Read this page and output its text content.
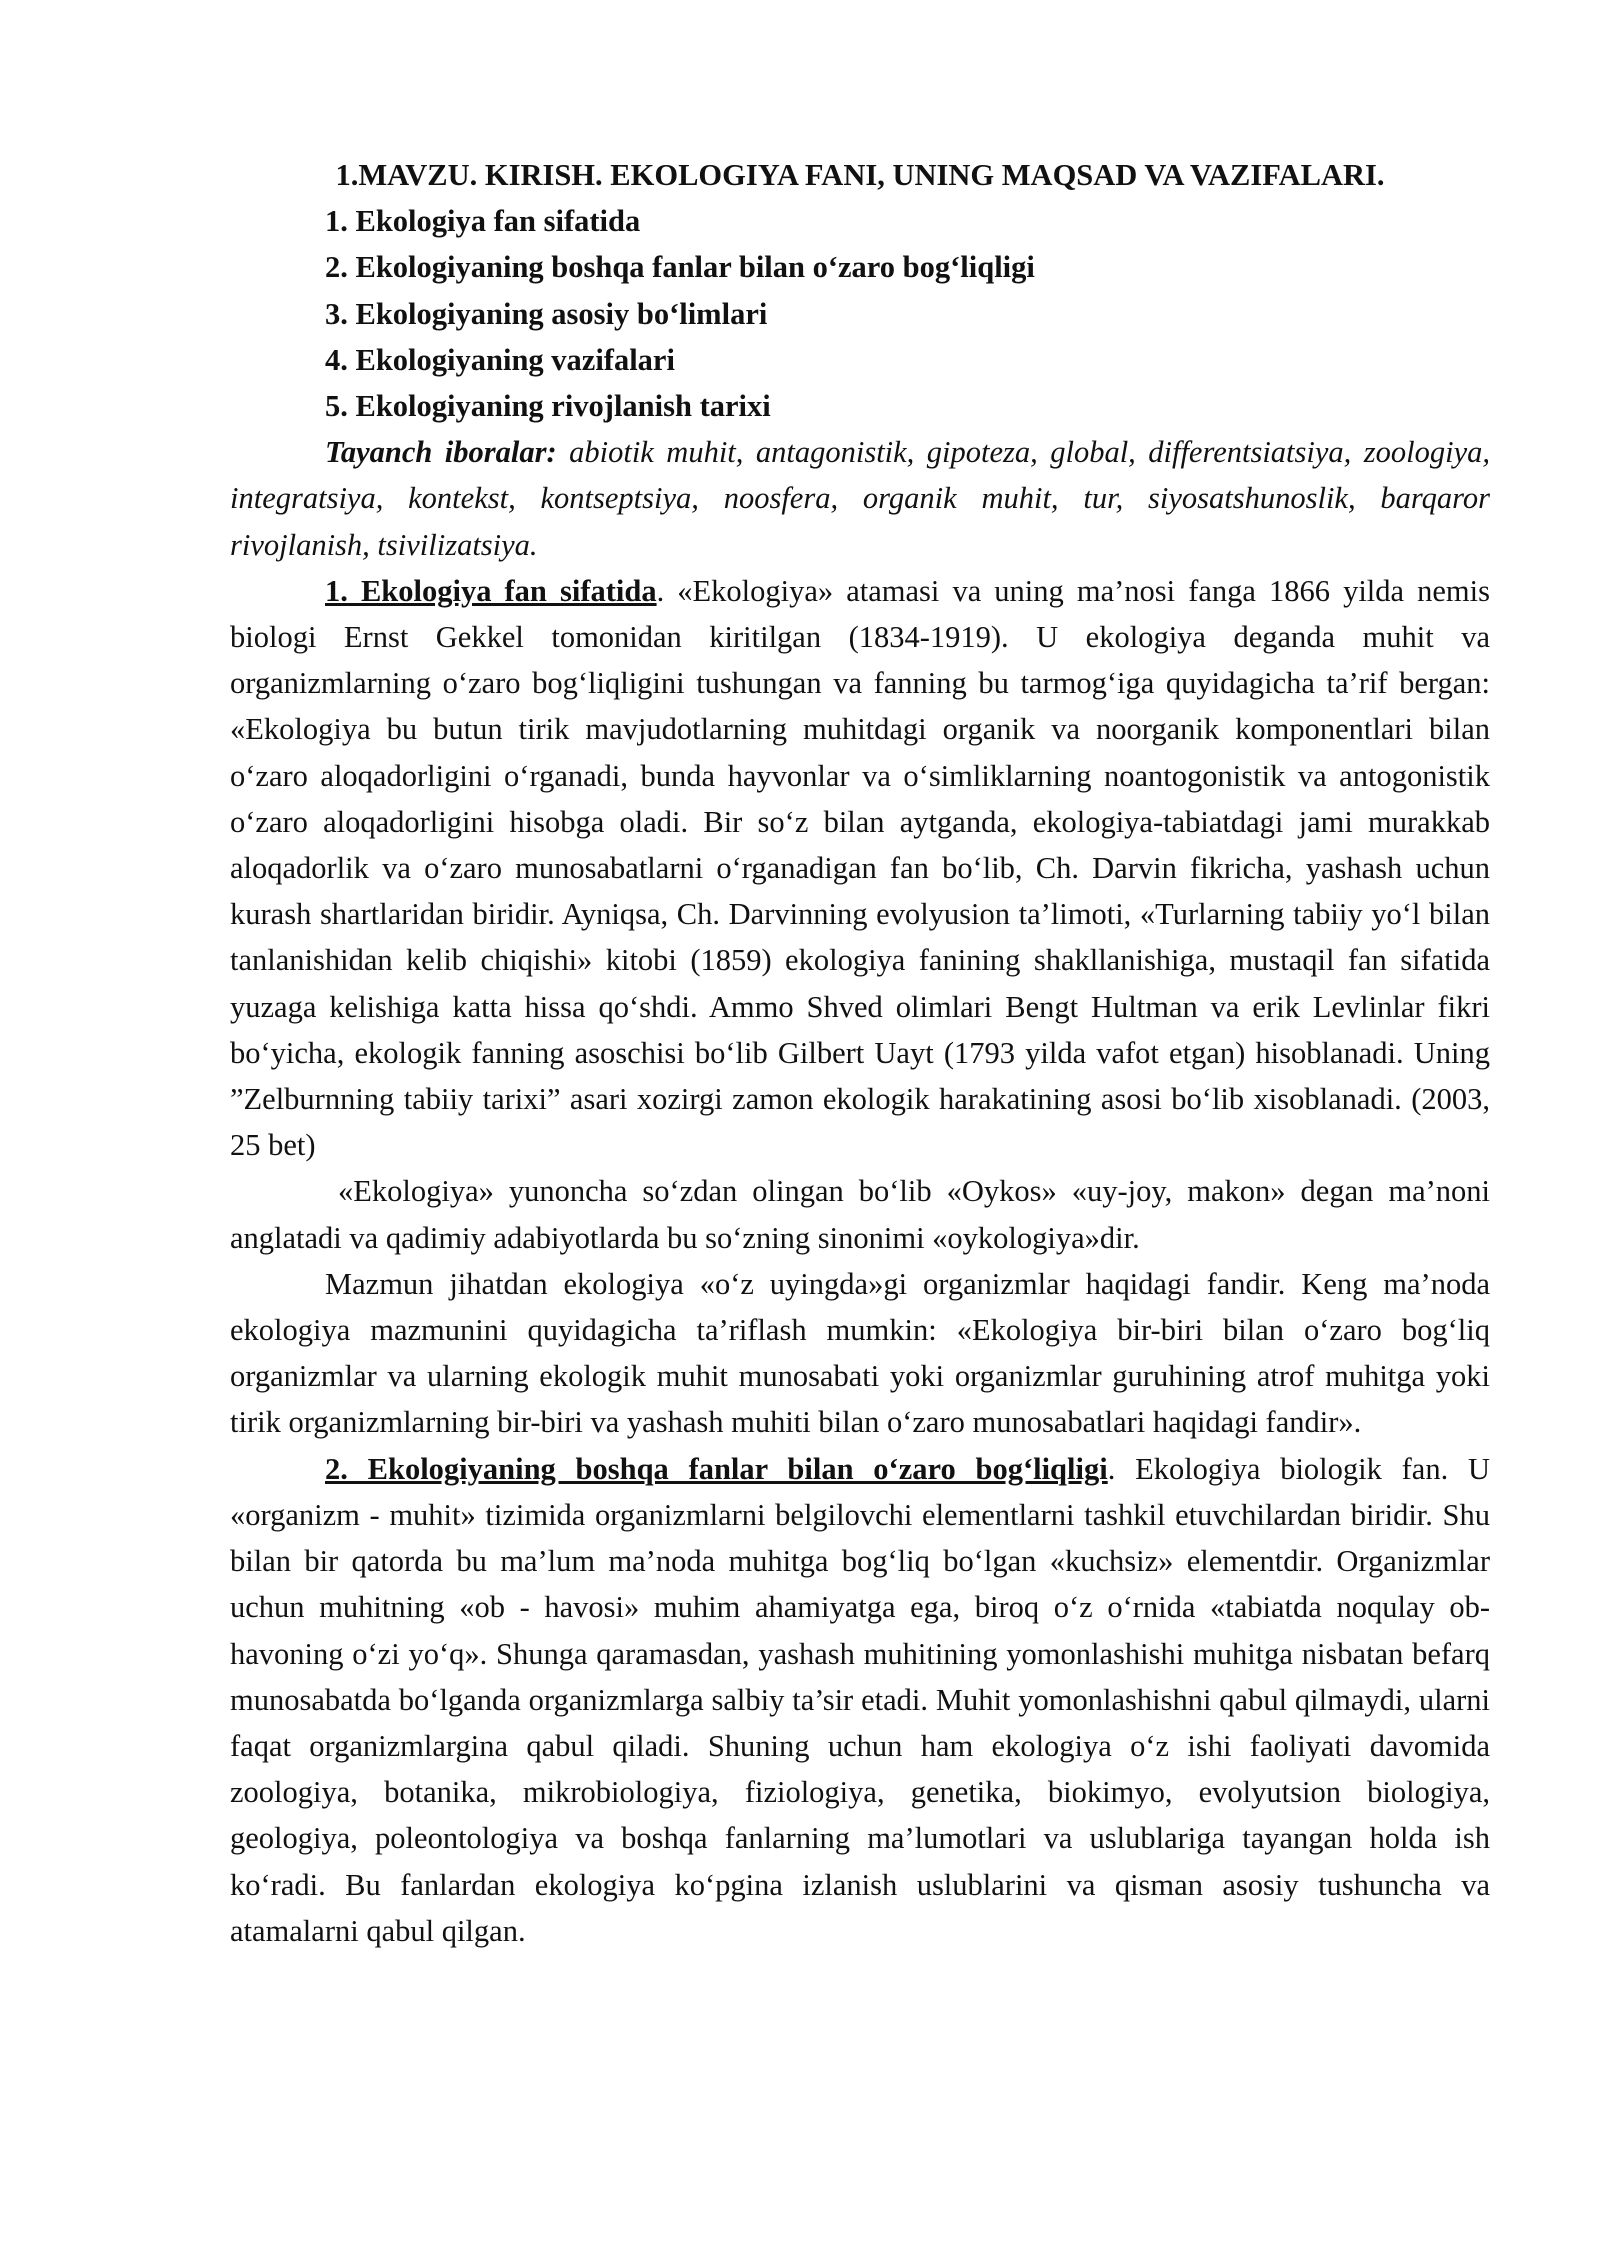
1.MAVZU. KIRISH. EKOLOGIYA FANI, UNING MAQSAD VA VAZIFALARI.
1. Ekologiya fan sifatida
2. Ekologiyaning boshqa fanlar bilan o‘zaro bog‘liqligi
3. Ekologiyaning asosiy bo‘limlari
4. Ekologiyaning vazifalari
5. Ekologiyaning rivojlanish tarixi

Tayanch iboralar: abiotik muhit, antagonistik, gipoteza, global, differentsiatsiya, zoologiya, integratsiya, kontekst, kontseptsiya, noosfera, organik muhit, tur, siyosatshunoslik, barqaror rivojlanish, tsivilizatsiya.

1. Ekologiya fan sifatida. «Ekologiya» atamasi va uning ma’nosi fanga 1866 yilda nemis biologi Ernst Gekkel tomonidan kiritilgan (1834-1919). U ekologiya deganda muhit va organizmlarning o‘zaro bog‘liqligini tushungan va fanning bu tarmog‘iga quyidagicha ta’rif bergan: «Ekologiya bu butun tirik mavjudotlarning muhitdagi organik va noorganik komponentlari bilan o‘zaro aloqadorligini o‘rganadi, bunda hayvonlar va o‘simliklarning noantogonistik va antogonistik o‘zaro aloqadorligini hisobga oladi. Bir so‘z bilan aytganda, ekologiya-tabiatdagi jami murakkab aloqadorlik va o‘zaro munosabatlarni o‘rganadigan fan bo‘lib, Ch. Darvin fikricha, yashash uchun kurash shartlaridan biridir. Ayniqsa, Ch. Darvinning evolyusion ta’limoti, «Turlarning tabiiy yo‘l bilan tanlanishidan kelib chiqishi» kitobi (1859) ekologiya fanining shakllanishiga, mustaqil fan sifatida yuzaga kelishiga katta hissa qo‘shdi. Ammo Shved olimlari Bengt Hultman va erik Levlinlar fikri bo‘yicha, ekologik fanning asoschisi bo‘lib Gilbert Uayt (1793 yilda vafot etgan) hisoblanadi. Uning ”Zelburnning tabiiy tarixi” asari xozirgi zamon ekologik harakatining asosi bo‘lib xisoblanadi. (2003, 25 bet)

«Ekologiya» yunoncha so‘zdan olingan bo‘lib «Oykos» «uy-joy, makon» degan ma’noni anglatadi va qadimiy adabiyotlarda bu so‘zning sinonimi «oykologiya»dir.

Mazmun jihatdan ekologiya «o‘z uyingda»gi organizmlar haqidagi fandir. Keng ma’noda ekologiya mazmunini quyidagicha ta’riflash mumkin: «Ekologiya bir-biri bilan o‘zaro bog‘liq organizmlar va ularning ekologik muhit munosabati yoki organizmlar guruhining atrof muhitga yoki tirik organizmlarning bir-biri va yashash muhiti bilan o‘zaro munosabatlari haqidagi fandir».

2. Ekologiyaning boshqa fanlar bilan o‘zaro bog‘liqligi. Ekologiya biologik fan. U «organizm - muhit» tizimida organizmlarni belgilovchi elementlarni tashkil etuvchilardan biridir. Shu bilan bir qatorda bu ma’lum ma’noda muhitga bog‘liq bo‘lgan «kuchsiz» elementdir. Organizmlar uchun muhitning «ob - havosi» muhim ahamiyatga ega, biroq o‘z o‘rnida «tabiatda noqulay ob-havoning o‘zi yo‘q». Shunga qaramasdan, yashash muhitining yomonlashishi muhitga nisbatan befarq munosabatda bo‘lganda organizmlarga salbiy ta’sir etadi. Muhit yomonlashishni qabul qilmaydi, ularni faqat organizmlargina qabul qiladi. Shuning uchun ham ekologiya o‘z ishi faoliyati davomida zoologiya, botanika, mikrobiologiya, fiziologiya, genetika, biokimyo, evolyutsion biologiya, geologiya, poleontologiya va boshqa fanlarning ma’lumotlari va uslublariga tayangan holda ish ko‘radi. Bu fanlardan ekologiya ko‘pgina izlanish uslublarini va qisman asosiy tushuncha va atamalarni qabul qilgan.
